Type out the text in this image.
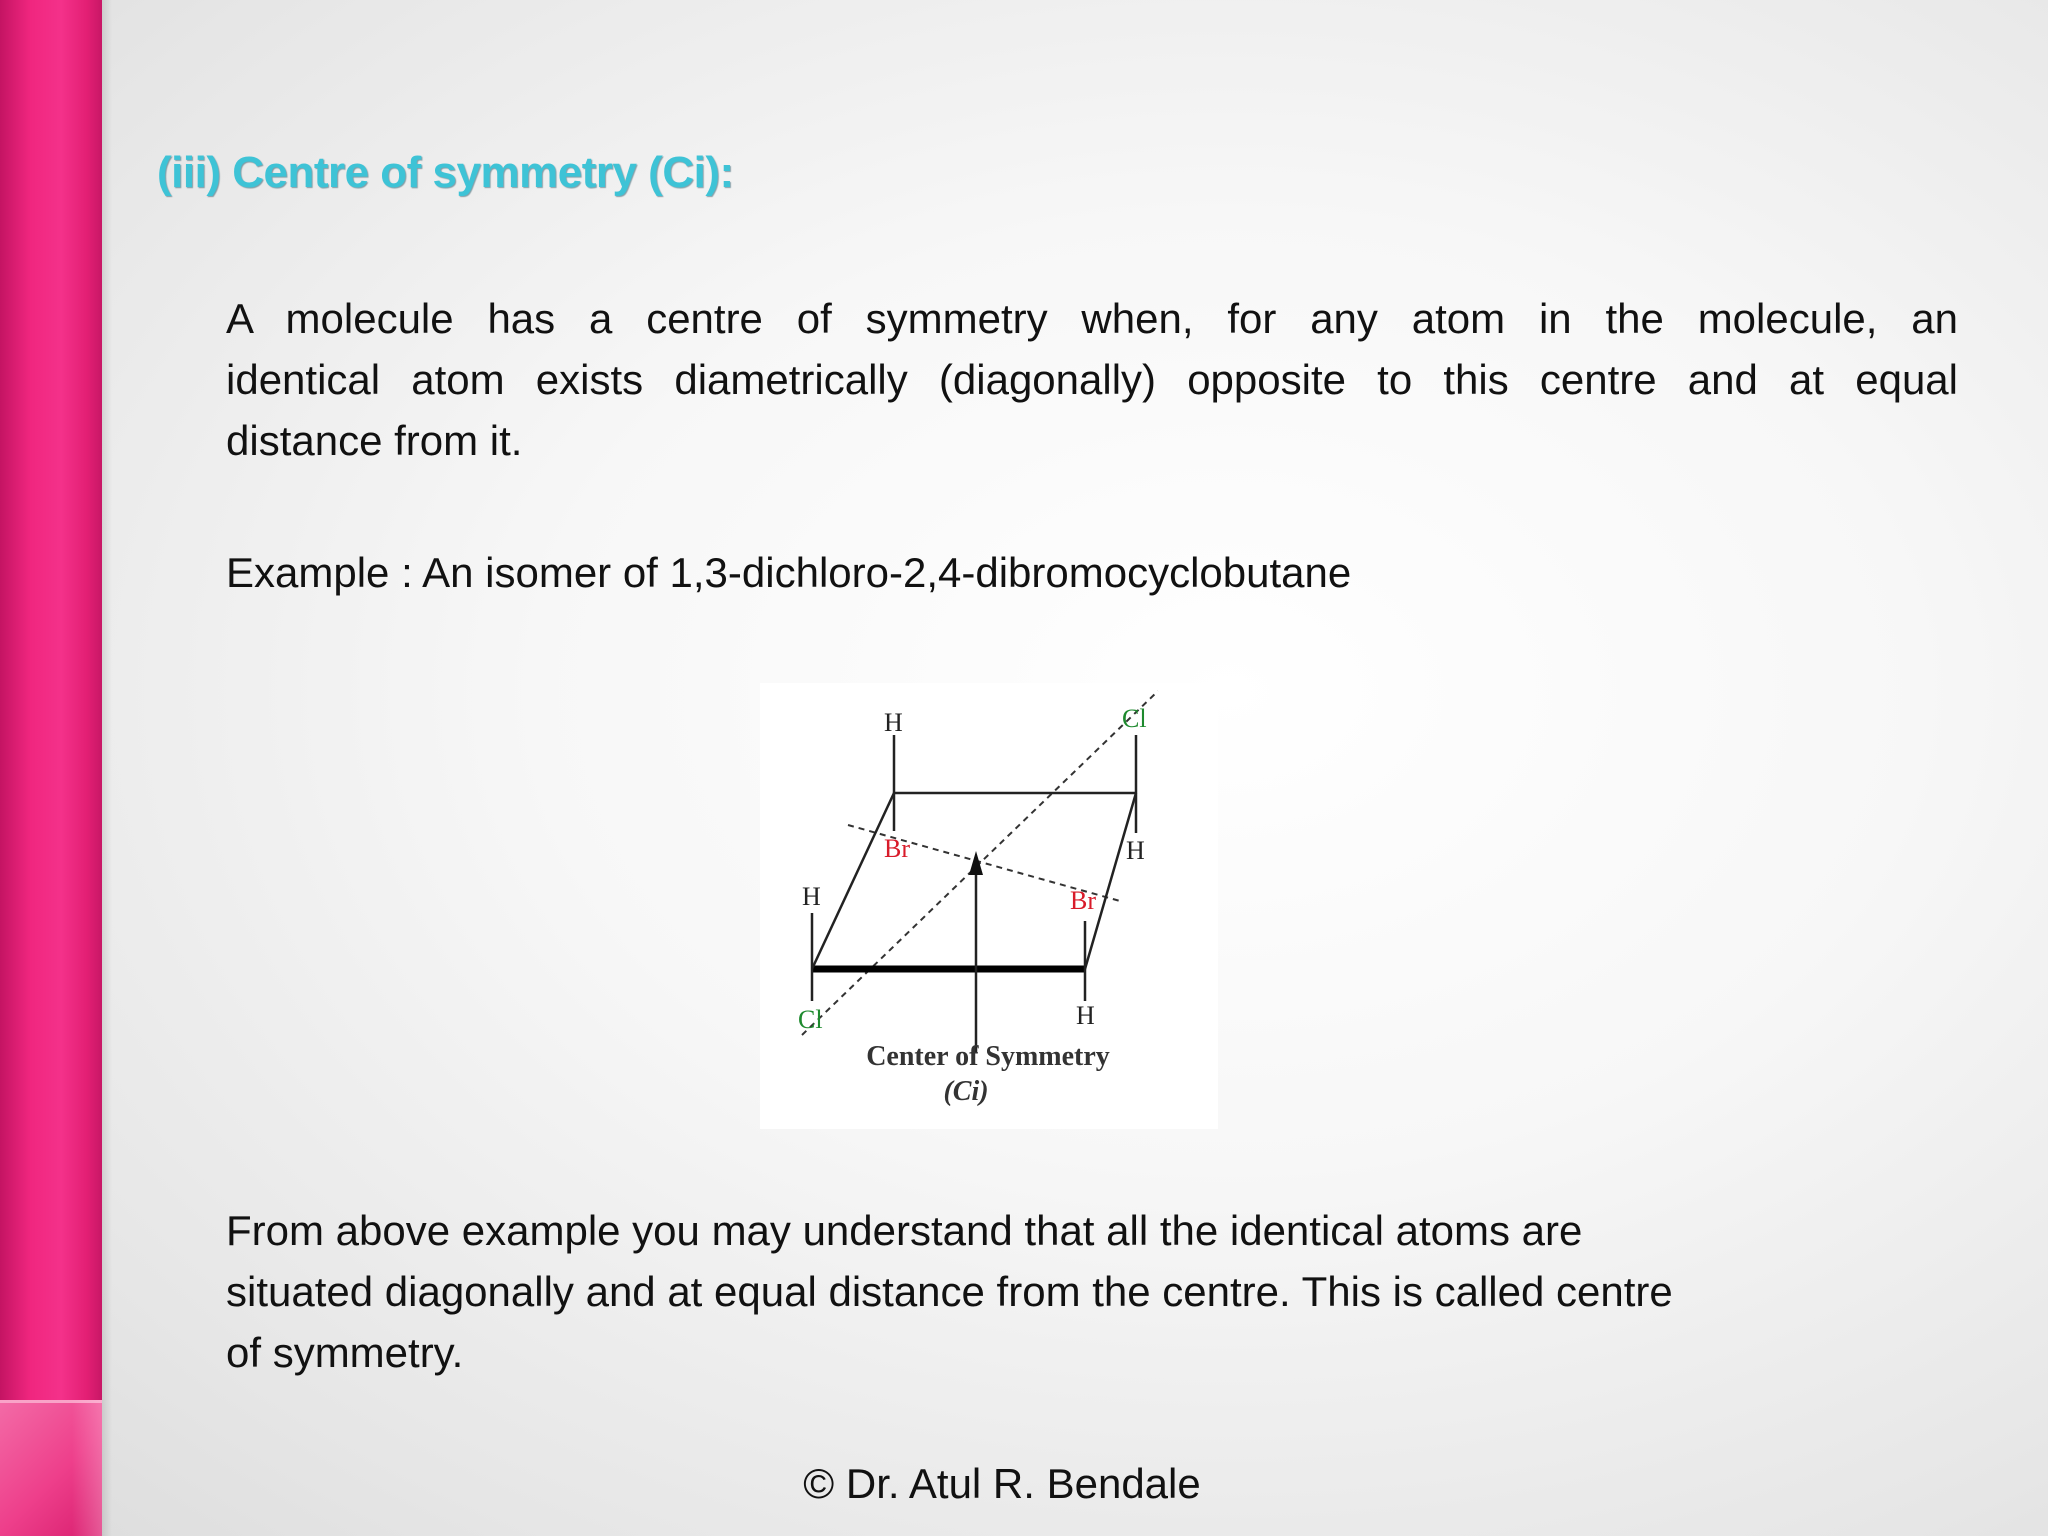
(iii) Centre of symmetry (Ci):
A molecule has a centre of symmetry when, for any atom in the molecule, an
identical atom exists diametrically (diagonally) opposite to this centre and at equal
distance from it.

Example : An isomer of 1,3-dichloro-2,4-dibromocyclobutane

H	Cl
Br	H
H	Br
Cl	H
Center of Symmetry
(Ci)
From above example you may understand that all the identical atoms are
situated diagonally and at equal distance from the centre. This is called centre
of symmetry.

© Dr. Atul R. Bendale
